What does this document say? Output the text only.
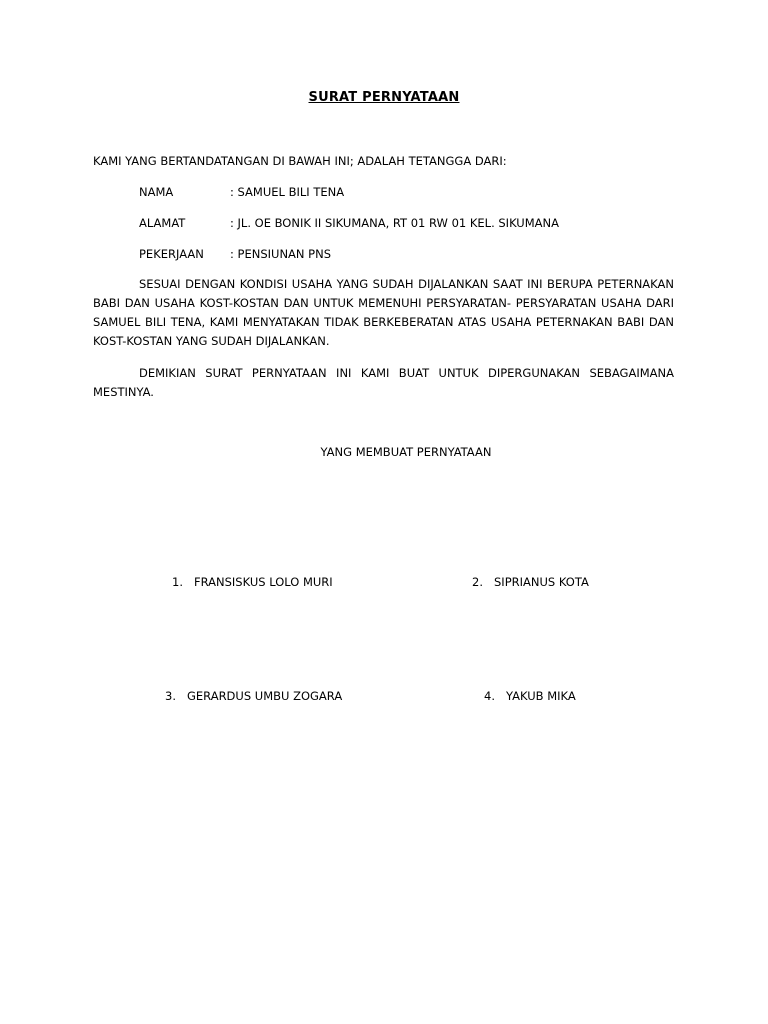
SURAT PERNYATAAN
KAMI YANG BERTANDATANGAN DI BAWAH INI; ADALAH TETANGGA DARI:
NAMA	: SAMUEL BILI TENA
ALAMAT	: JL. OE BONIK II SIKUMANA, RT 01 RW 01 KEL. SIKUMANA
PEKERJAAN : PENSIUNAN PNS

SESUAI DENGAN KONDISI USAHA YANG SUDAH DIJALANKAN SAAT INI BERUPA PETERNAKAN BABI DAN USAHA KOST-KOSTAN DAN UNTUK MEMENUHI PERSYARATAN- PERSYARATAN USAHA DARI SAMUEL BILI TENA, KAMI MENYATAKAN TIDAK BERKEBERATAN ATAS USAHA PETERNAKAN BABI DAN KOST-KOSTAN YANG SUDAH DIJALANKAN.

DEMIKIAN SURAT PERNYATAAN INI KAMI BUAT UNTUK DIPERGUNAKAN SEBAGAIMANA MESTINYA.

YANG MEMBUAT PERNYATAAN
1. FRANSISKUS LOLO MURI	2. SIPRIANUS KOTA
3. GERARDUS UMBU ZOGARA	4. YAKUB MIKA
